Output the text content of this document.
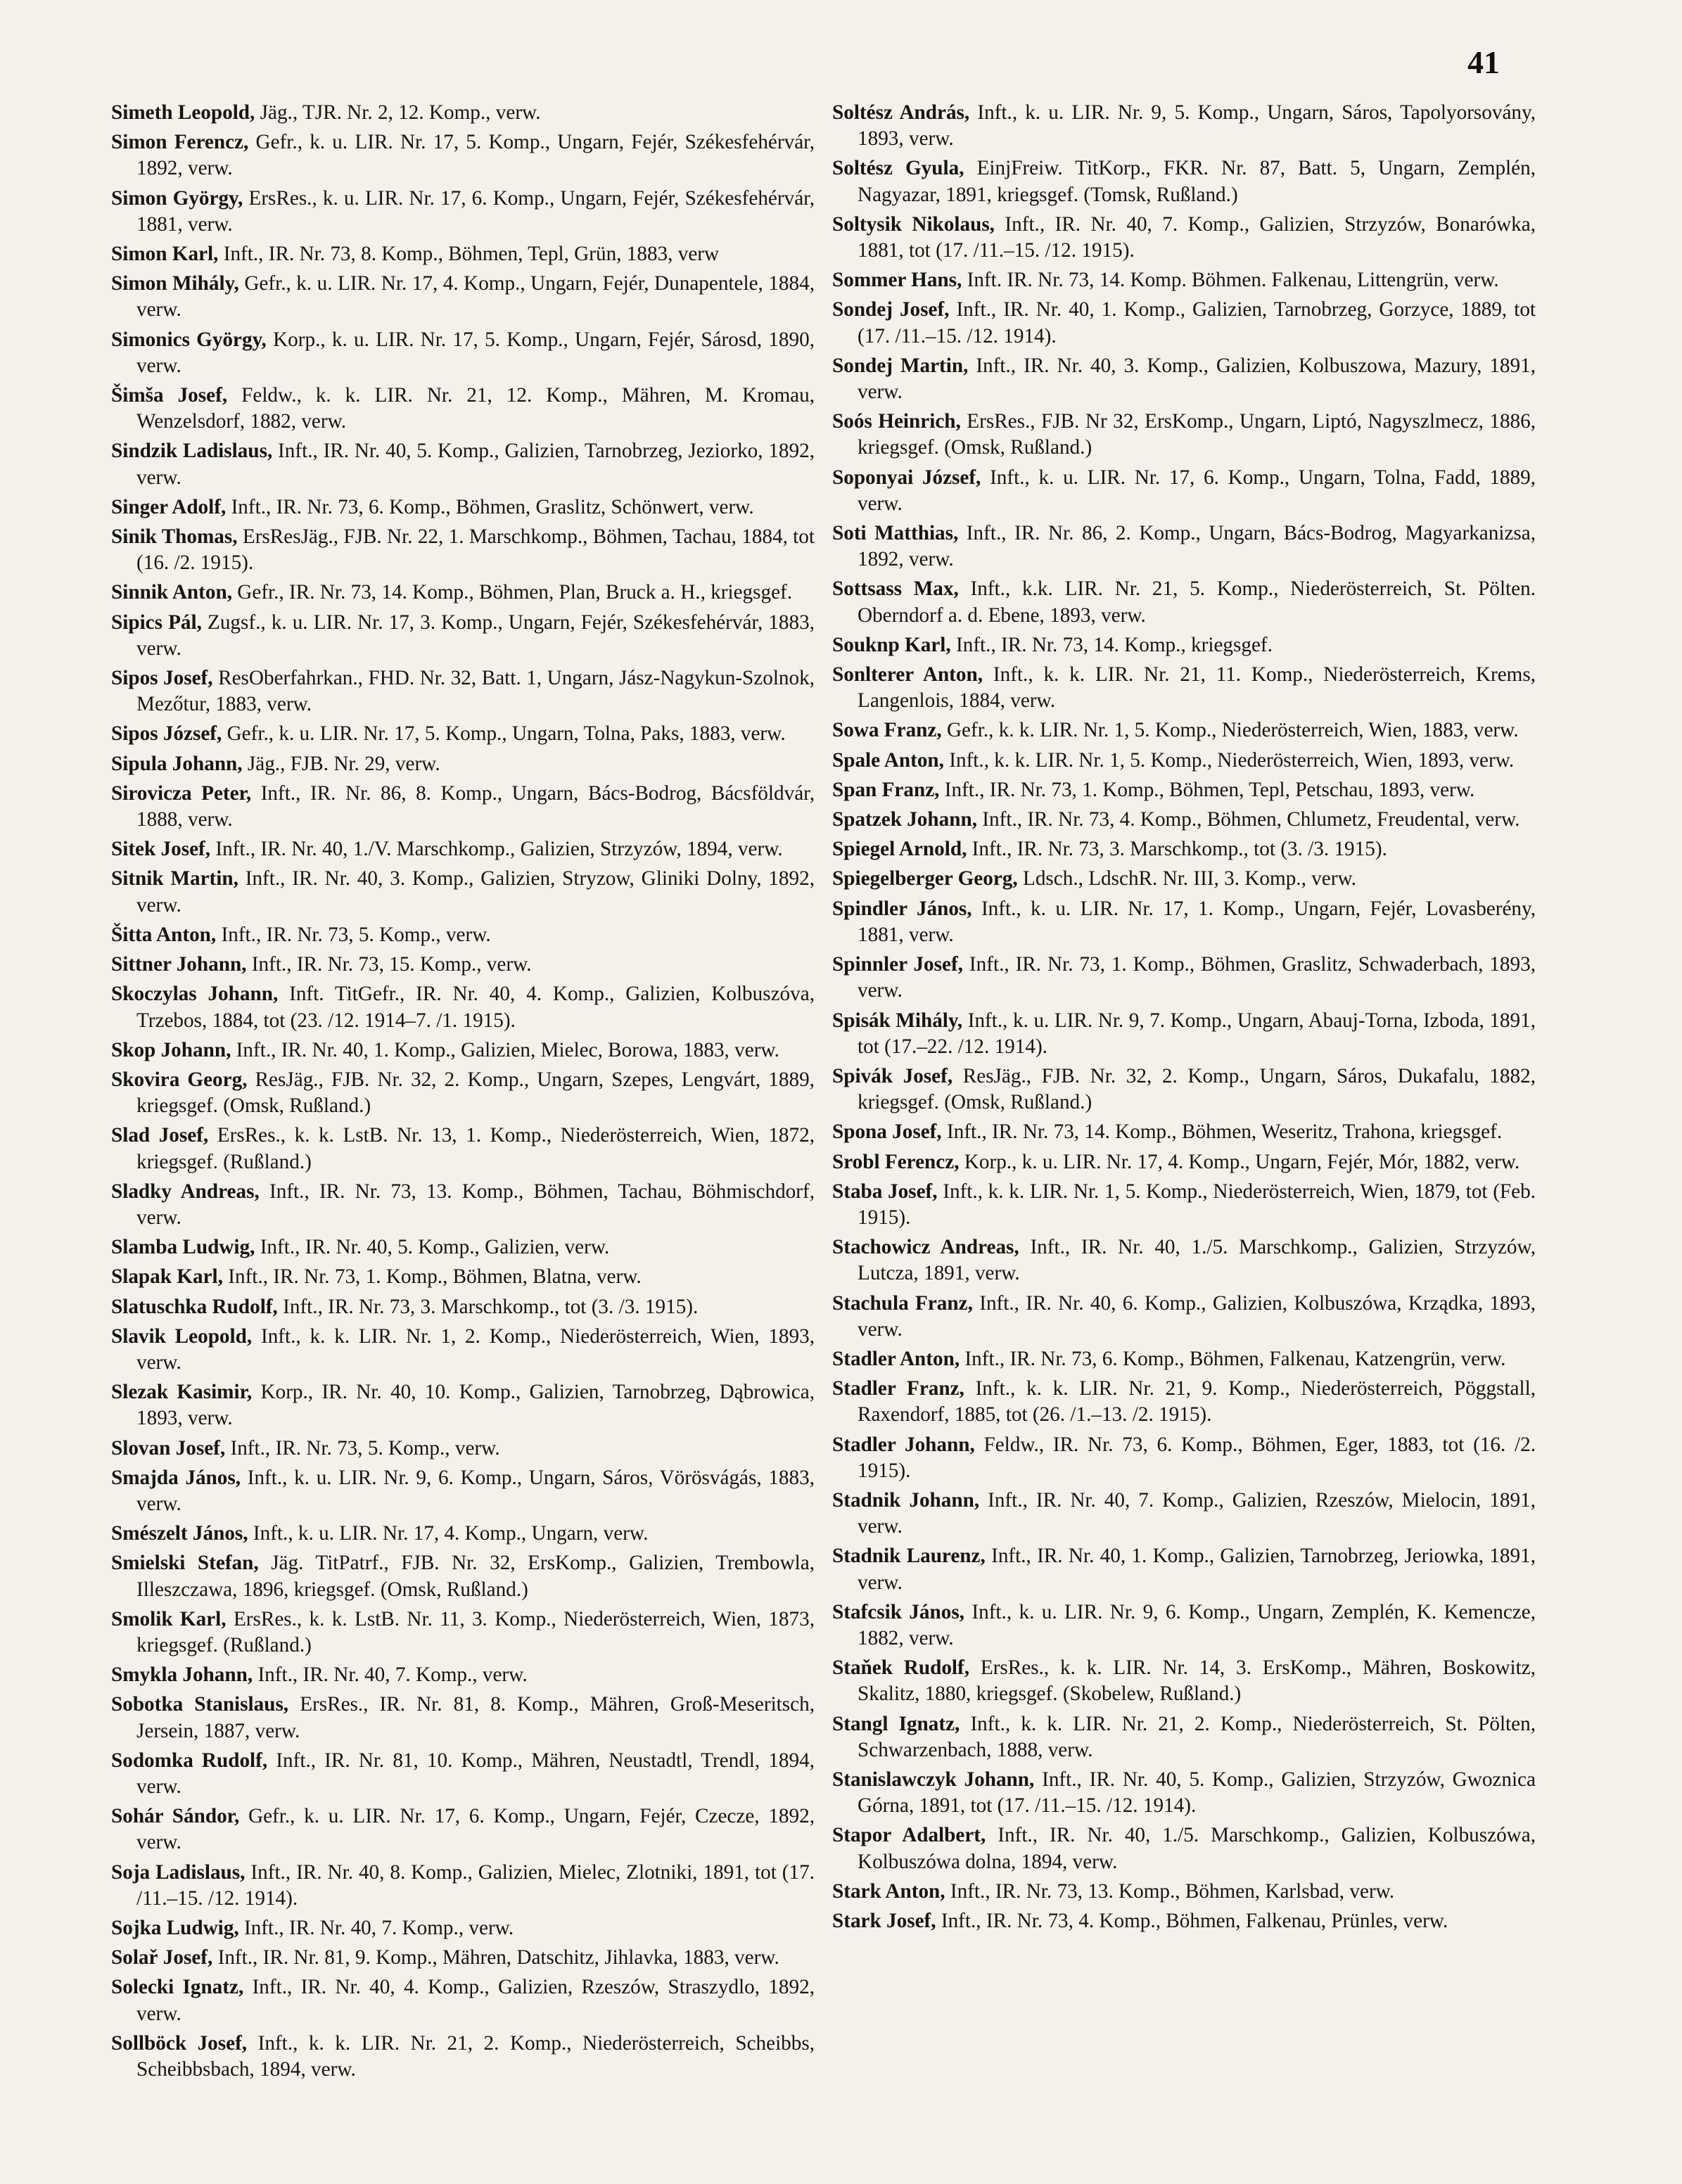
41

Simeth Leopold, Jäg., TJR. Nr. 2, 12. Komp., verw.

Simon Ferencz, Gefr., k. u. LIR. Nr. 17, 5. Komp., Ungarn, Fejér, Székesfehérvár, 1892, verw.

Simon György, ErsRes., k. u. LIR. Nr. 17, 6. Komp., Ungarn, Fejér, Székesfehérvár, 1881, verw.

Simon Karl, Inft., IR. Nr. 73, 8. Komp., Böhmen, Tepl, Grün, 1883, verw

Simon Mihály, Gefr., k. u. LIR. Nr. 17, 4. Komp., Ungarn, Fejér, Dunapentele, 1884, verw.

Simonics György, Korp., k. u. LIR. Nr. 17, 5. Komp., Ungarn, Fejér, Sárosd, 1890, verw.

Šimša Josef, Feldw., k. k. LIR. Nr. 21, 12. Komp., Mähren, M. Kromau, Wenzelsdorf, 1882, verw.

Sindzik Ladislaus, Inft., IR. Nr. 40, 5. Komp., Galizien, Tarnobrzeg, Jeziorko, 1892, verw.

Singer Adolf, Inft., IR. Nr. 73, 6. Komp., Böhmen, Graslitz, Schönwert, verw.

Sinik Thomas, ErsResJäg., FJB. Nr. 22, 1. Marschkomp., Böhmen, Tachau, 1884, tot (16. /2. 1915).

Sinnik Anton, Gefr., IR. Nr. 73, 14. Komp., Böhmen, Plan, Bruck a. H., kriegsgef.

Sipics Pál, Zugsf., k. u. LIR. Nr. 17, 3. Komp., Ungarn, Fejér, Székesfehérvár, 1883, verw.

Sipos Josef, ResOberfahrkan., FHD. Nr. 32, Batt. 1, Ungarn, Jász-Nagykun-Szolnok, Mezőtur, 1883, verw.

Sipos József, Gefr., k. u. LIR. Nr. 17, 5. Komp., Ungarn, Tolna, Paks, 1883, verw.

Sipula Johann, Jäg., FJB. Nr. 29, verw.

Sirovicza Peter, Inft., IR. Nr. 86, 8. Komp., Ungarn, Bács-Bodrog, Bácsföldvár, 1888, verw.

Sitek Josef, Inft., IR. Nr. 40, 1./V. Marschkomp., Galizien, Strzyzów, 1894, verw.

Sitnik Martin, Inft., IR. Nr. 40, 3. Komp., Galizien, Stryzow, Gliniki Dolny, 1892, verw.

Šitta Anton, Inft., IR. Nr. 73, 5. Komp., verw.

Sittner Johann, Inft., IR. Nr. 73, 15. Komp., verw.

Skoczylas Johann, Inft. TitGefr., IR. Nr. 40, 4. Komp., Galizien, Kolbuszóva, Trzebos, 1884, tot (23. /12. 1914–7. /1. 1915).

Skop Johann, Inft., IR. Nr. 40, 1. Komp., Galizien, Mielec, Borowa, 1883, verw.

Skovira Georg, ResJäg., FJB. Nr. 32, 2. Komp., Ungarn, Szepes, Lengvárt, 1889, kriegsgef. (Omsk, Rußland.)

Slad Josef, ErsRes., k. k. LstB. Nr. 13, 1. Komp., Niederösterreich, Wien, 1872, kriegsgef. (Rußland.)

Sladky Andreas, Inft., IR. Nr. 73, 13. Komp., Böhmen, Tachau, Böhmischdorf, verw.

Slamba Ludwig, Inft., IR. Nr. 40, 5. Komp., Galizien, verw.

Slapak Karl, Inft., IR. Nr. 73, 1. Komp., Böhmen, Blatna, verw.

Slatuschka Rudolf, Inft., IR. Nr. 73, 3. Marschkomp., tot (3. /3. 1915).

Slavik Leopold, Inft., k. k. LIR. Nr. 1, 2. Komp., Niederösterreich, Wien, 1893, verw.

Slezak Kasimir, Korp., IR. Nr. 40, 10. Komp., Galizien, Tarnobrzeg, Dąbrowica, 1893, verw.

Slovan Josef, Inft., IR. Nr. 73, 5. Komp., verw.

Smajda János, Inft., k. u. LIR. Nr. 9, 6. Komp., Ungarn, Sáros, Vörösvágás, 1883, verw.

Smészelt János, Inft., k. u. LIR. Nr. 17, 4. Komp., Ungarn, verw.

Smielski Stefan, Jäg. TitPatrf., FJB. Nr. 32, ErsKomp., Galizien, Trembowla, Illeszczawa, 1896, kriegsgef. (Omsk, Rußland.)

Smolik Karl, ErsRes., k. k. LstB. Nr. 11, 3. Komp., Niederösterreich, Wien, 1873, kriegsgef. (Rußland.)

Smykla Johann, Inft., IR. Nr. 40, 7. Komp., verw.

Sobotka Stanislaus, ErsRes., IR. Nr. 81, 8. Komp., Mähren, Groß-Meseritsch, Jersein, 1887, verw.

Sodomka Rudolf, Inft., IR. Nr. 81, 10. Komp., Mähren, Neustadtl, Trendl, 1894, verw.

Sohár Sándor, Gefr., k. u. LIR. Nr. 17, 6. Komp., Ungarn, Fejér, Czecze, 1892, verw.

Soja Ladislaus, Inft., IR. Nr. 40, 8. Komp., Galizien, Mielec, Zlotniki, 1891, tot (17. /11.–15. /12. 1914).

Sojka Ludwig, Inft., IR. Nr. 40, 7. Komp., verw.

Solař Josef, Inft., IR. Nr. 81, 9. Komp., Mähren, Datschitz, Jihlavka, 1883, verw.

Solecki Ignatz, Inft., IR. Nr. 40, 4. Komp., Galizien, Rzeszów, Straszydlo, 1892, verw.

Sollböck Josef, Inft., k. k. LIR. Nr. 21, 2. Komp., Niederösterreich, Scheibbs, Scheibbsbach, 1894, verw.

Soltész András, Inft., k. u. LIR. Nr. 9, 5. Komp., Ungarn, Sáros, Tapolyorsovány, 1893, verw.

Soltész Gyula, EinjFreiw. TitKorp., FKR. Nr. 87, Batt. 5, Ungarn, Zemplén, Nagyazar, 1891, kriegsgef. (Tomsk, Rußland.)

Soltysik Nikolaus, Inft., IR. Nr. 40, 7. Komp., Galizien, Strzyzów, Bonarówka, 1881, tot (17. /11.–15. /12. 1915).

Sommer Hans, Inft. IR. Nr. 73, 14. Komp. Böhmen. Falkenau, Littengrün, verw.

Sondej Josef, Inft., IR. Nr. 40, 1. Komp., Galizien, Tarnobrzeg, Gorzyce, 1889, tot (17. /11.–15. /12. 1914).

Sondej Martin, Inft., IR. Nr. 40, 3. Komp., Galizien, Kolbuszowa, Mazury, 1891, verw.

Soós Heinrich, ErsRes., FJB. Nr 32, ErsKomp., Ungarn, Liptó, Nagyszlmecz, 1886, kriegsgef. (Omsk, Rußland.)

Soponyai József, Inft., k. u. LIR. Nr. 17, 6. Komp., Ungarn, Tolna, Fadd, 1889, verw.

Soti Matthias, Inft., IR. Nr. 86, 2. Komp., Ungarn, Bács-Bodrog, Magyarkanizsa, 1892, verw.

Sottsass Max, Inft., k.k. LIR. Nr. 21, 5. Komp., Niederösterreich, St. Pölten. Oberndorf a. d. Ebene, 1893, verw.

Souknp Karl, Inft., IR. Nr. 73, 14. Komp., kriegsgef.

Sonlterer Anton, Inft., k. k. LIR. Nr. 21, 11. Komp., Niederösterreich, Krems, Langenlois, 1884, verw.

Sowa Franz, Gefr., k. k. LIR. Nr. 1, 5. Komp., Niederösterreich, Wien, 1883, verw.

Spale Anton, Inft., k. k. LIR. Nr. 1, 5. Komp., Niederösterreich, Wien, 1893, verw.

Span Franz, Inft., IR. Nr. 73, 1. Komp., Böhmen, Tepl, Petschau, 1893, verw.

Spatzek Johann, Inft., IR. Nr. 73, 4. Komp., Böhmen, Chlumetz, Freudental, verw.

Spiegel Arnold, Inft., IR. Nr. 73, 3. Marschkomp., tot (3. /3. 1915).

Spiegelberger Georg, Ldsch., LdschR. Nr. III, 3. Komp., verw.

Spindler János, Inft., k. u. LIR. Nr. 17, 1. Komp., Ungarn, Fejér, Lovasberény, 1881, verw.

Spinnler Josef, Inft., IR. Nr. 73, 1. Komp., Böhmen, Graslitz, Schwaderbach, 1893, verw.

Spisák Mihály, Inft., k. u. LIR. Nr. 9, 7. Komp., Ungarn, Abauj-Torna, Izboda, 1891, tot (17.–22. /12. 1914).

Spivák Josef, ResJäg., FJB. Nr. 32, 2. Komp., Ungarn, Sáros, Dukafalu, 1882, kriegsgef. (Omsk, Rußland.)

Spona Josef, Inft., IR. Nr. 73, 14. Komp., Böhmen, Weseritz, Trahona, kriegsgef.

Srobl Ferencz, Korp., k. u. LIR. Nr. 17, 4. Komp., Ungarn, Fejér, Mór, 1882, verw.

Staba Josef, Inft., k. k. LIR. Nr. 1, 5. Komp., Niederösterreich, Wien, 1879, tot (Feb. 1915).

Stachowicz Andreas, Inft., IR. Nr. 40, 1./5. Marschkomp., Galizien, Strzyzów, Lutcza, 1891, verw.

Stachula Franz, Inft., IR. Nr. 40, 6. Komp., Galizien, Kolbuszówa, Krządka, 1893, verw.

Stadler Anton, Inft., IR. Nr. 73, 6. Komp., Böhmen, Falkenau, Katzengrün, verw.

Stadler Franz, Inft., k. k. LIR. Nr. 21, 9. Komp., Niederösterreich, Pöggstall, Raxendorf, 1885, tot (26. /1.–13. /2. 1915).

Stadler Johann, Feldw., IR. Nr. 73, 6. Komp., Böhmen, Eger, 1883, tot (16. /2. 1915).

Stadnik Johann, Inft., IR. Nr. 40, 7. Komp., Galizien, Rzeszów, Mielocin, 1891, verw.

Stadnik Laurenz, Inft., IR. Nr. 40, 1. Komp., Galizien, Tarnobrzeg, Jeriowka, 1891, verw.

Stafcsik János, Inft., k. u. LIR. Nr. 9, 6. Komp., Ungarn, Zemplén, K. Kemencze, 1882, verw.

Staňek Rudolf, ErsRes., k. k. LIR. Nr. 14, 3. ErsKomp., Mähren, Boskowitz, Skalitz, 1880, kriegsgef. (Skobelew, Rußland.)

Stangl Ignatz, Inft., k. k. LIR. Nr. 21, 2. Komp., Niederösterreich, St. Pölten, Schwarzenbach, 1888, verw.

Stanislawczyk Johann, Inft., IR. Nr. 40, 5. Komp., Galizien, Strzyzów, Gwoznica Górna, 1891, tot (17. /11.–15. /12. 1914).

Stapor Adalbert, Inft., IR. Nr. 40, 1./5. Marschkomp., Galizien, Kolbuszówa, Kolbuszówa dolna, 1894, verw.

Stark Anton, Inft., IR. Nr. 73, 13. Komp., Böhmen, Karlsbad, verw.

Stark Josef, Inft., IR. Nr. 73, 4. Komp., Böhmen, Falkenau, Prünles, verw.
